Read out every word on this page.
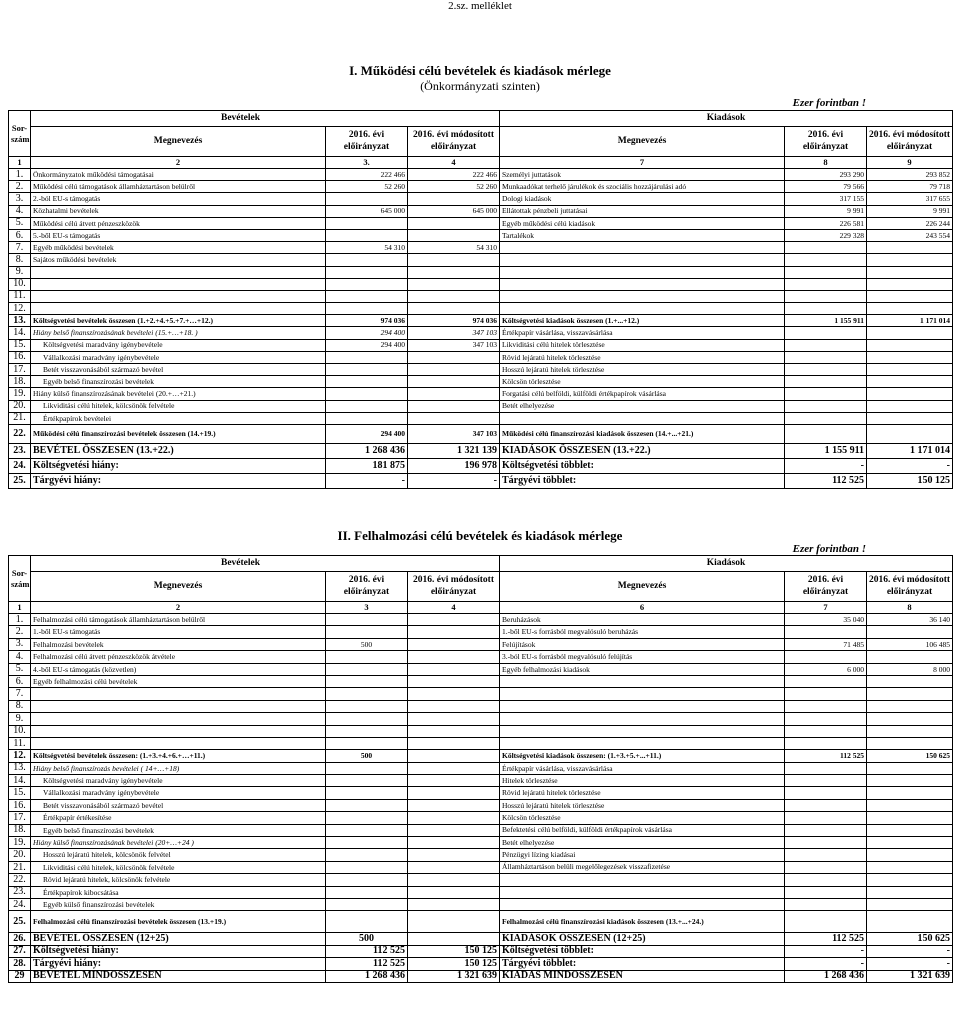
2.sz. melléklet
I. Működési célú bevételek és kiadások mérlege
(Önkormányzati szinten)
Ezer forintban !
Sor-szám	Bevételek			Kiadások		
	Megnevezés	2016. évi előirányzat	2016. évi módosított előirányzat	Megnevezés	2016. évi előirányzat	2016. évi módosított előirányzat
1	2	3.	4	7	8	9
1.	Önkormányzatok működési támogatásai	222 466	222 466	Személyi juttatások	293 290	293 852
2.	Működési célú támogatások államháztartáson belülről	52 260	52 260	Munkaadókat terhelő járulékok és szociális hozzájárulási adó	79 566	79 718
3.	2.-ból EU-s támogatás			Dologi kiadások	317 155	317 655
4.	Közhatalmi bevételek	645 000	645 000	Ellátottak pénzbeli juttatásai	9 991	9 991
5.	Működési célú átvett pénzeszközök			Egyéb működési célú kiadások	226 581	226 244
6.	5.-ből EU-s támogatás			Tartalékok	229 328	243 554
7.	Egyéb működési bevételek	54 310	54 310			
8.	Sajátos működési bevételek					
9.						
10.						
11.						
12.						
13.	Költségvetési bevételek összesen (1.+2.+4.+5.+7.+…+12.)	974 036	974 036	Költségvetési kiadások összesen (1.+...+12.)	1 155 911	1 171 014
14.	Hiány belső finanszírozásának bevételei (15.+…+18. )	294 400	347 103	Értékpapír vásárlása, visszavásárlása		
15.	Költségvetési maradvány igénybevétele	294 400	347 103	Likviditási célú hitelek törlesztése		
16.	Vállalkozási maradvány igénybevétele			Rövid lejáratú hitelek törlesztése		
17.	Betét visszavonásából származó bevétel			Hosszú lejáratú hitelek törlesztése		
18.	Egyéb belső finanszírozási bevételek			Kölcsön törlesztése		
19.	Hiány külső finanszírozásának bevételei (20.+…+21.)			Forgatási célú belföldi, külföldi értékpapírok vásárlása		
20.	Likviditási célú hitelek, kölcsönök felvétele			Betét elhelyezése		
21.	Értékpapírok bevételei					
22.	Működési célú finanszírozási bevételek összesen (14.+19.)	294 400	347 103	Működési célú finanszírozási kiadások összesen (14.+...+21.)		
23.	BEVÉTEL ÖSSZESEN (13.+22.)	1 268 436	1 321 139	KIADÁSOK ÖSSZESEN (13.+22.)	1 155 911	1 171 014
24.	Költségvetési hiány:	181 875	196 978	Költségvetési többlet:	-	-
25.	Tárgyévi hiány:	-	-	Tárgyévi többlet:	112 525	150 125
II. Felhalmozási célú bevételek és kiadások mérlege
Ezer forintban !
Sor-szám	Bevételek			Kiadások		
	Megnevezés	2016. évi előirányzat	2016. évi módosított előirányzat	Megnevezés	2016. évi előirányzat	2016. évi módosított előirányzat
1	2	3	4	6	7	8
1.	Felhalmozási célú támogatások államháztartáson belülről			Beruházások	35 040	36 140
2.	1.-ből EU-s támogatás			1.-ből EU-s forrásból megvalósuló beruházás		
3.	Felhalmozási bevételek	500		Felújítások	71 485	106 485
4.	Felhalmozási célú átvett pénzeszközök átvétele			3.-ból EU-s forrásból megvalósuló felújítás		
5.	4.-ből EU-s támogatás (közvetlen)			Egyéb felhalmozási kiadások	6 000	8 000
6.	Egyéb felhalmozási célú bevételek					
7.						
8.						
9.						
10.						
11.						
12.	Költségvetési bevételek összesen: (1.+3.+4.+6.+…+11.)	500		Költségvetési kiadások összesen: (1.+3.+5.+...+11.)	112 525	150 625
13.	Hiány belső finanszírozás bevételei ( 14+…+18)			Értékpapír vásárlása, visszavásárlása		
14.	Költségvetési maradvány igénybevétele			Hitelek törlesztése		
15.	Vállalkozási maradvány igénybevétele			Rövid lejáratú hitelek törlesztése		
16.	Betét visszavonásából származó bevétel			Hosszú lejáratú hitelek törlesztése		
17.	Értékpapír értékesítése			Kölcsön törlesztése		
18.	Egyéb belső finanszírozási bevételek			Befektetési célú belföldi, külföldi értékpapírok vásárlása		
19.	Hiány külső finanszírozásának bevételei (20+…+24 )			Betét elhelyezése		
20.	Hosszú lejáratú hitelek, kölcsönök felvétel			Pénzügyi lízing kiadásai		
21.	Likviditási célú hitelek, kölcsönök felvétele			Államháztartáson belüli megelőlegezések visszafizetése		
22.	Rövid lejáratú hitelek, kölcsönök felvétele					
23.	Értékpapírok kibocsátása					
24.	Egyéb külső finanszírozási bevételek					
25.	Felhalmozási célú finanszírozási bevételek összesen (13.+19.)			Felhalmozási célú finanszírozási kiadások összesen (13.+...+24.)		
26.	BEVÉTEL ÖSSZESEN (12+25)	500		KIADÁSOK ÖSSZESEN (12+25)	112 525	150 625
27.	Költségvetési hiány:	112 525	150 125	Költségvetési többlet:	-	-
28.	Tárgyévi hiány:	112 525	150 125	Tárgyévi többlet:	-	-
29	BEVÉTEL MINDÖSSZESEN	1 268 436	1 321 639	KIADÁS MINDÖSSZESEN	1 268 436	1 321 639
